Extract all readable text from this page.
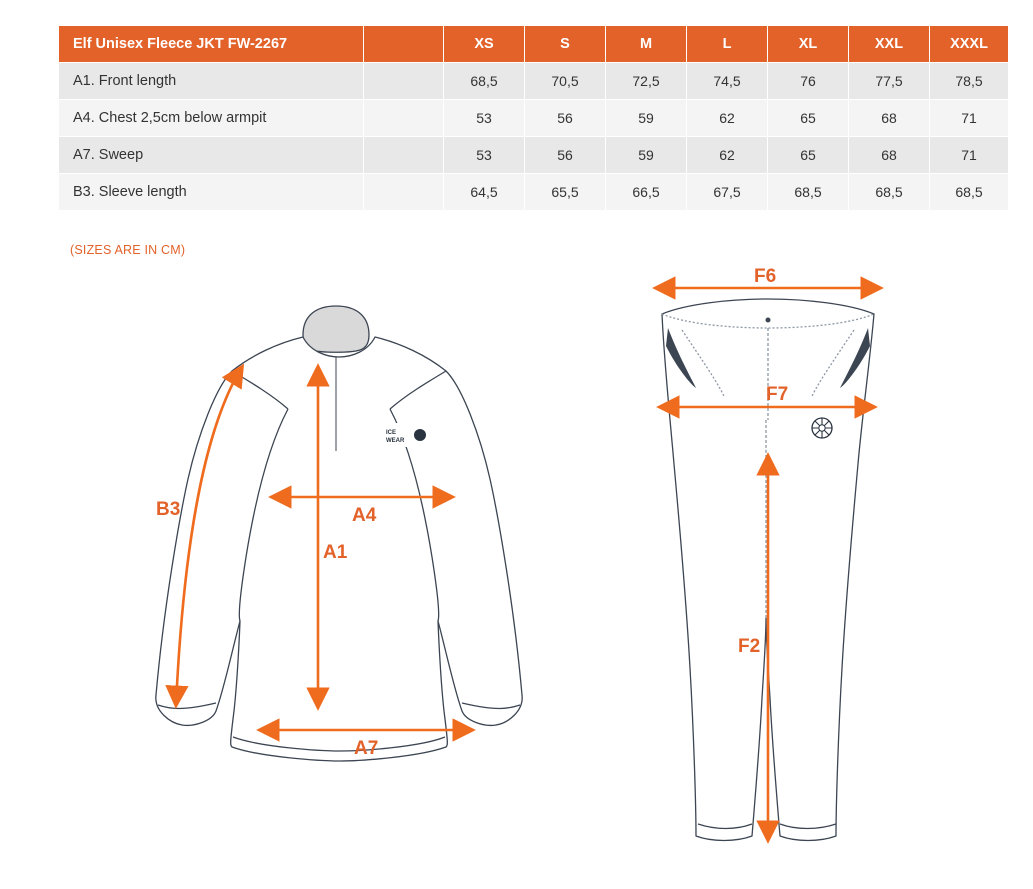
Elf Unisex Fleece JKT FW-2267		XS	S	M	L	XL	XXL	XXXL
A1. Front length		68,5	70,5	72,5	74,5	76	77,5	78,5
A4. Chest 2,5cm below armpit		53	56	59	62	65	68	71
A7. Sweep		53	56	59	62	65	68	71
B3. Sleeve length		64,5	65,5	66,5	67,5	68,5	68,5	68,5
(SIZES ARE IN CM)
ICE
WEAR
B3
A1
A4
A7
F6
F7
F2
